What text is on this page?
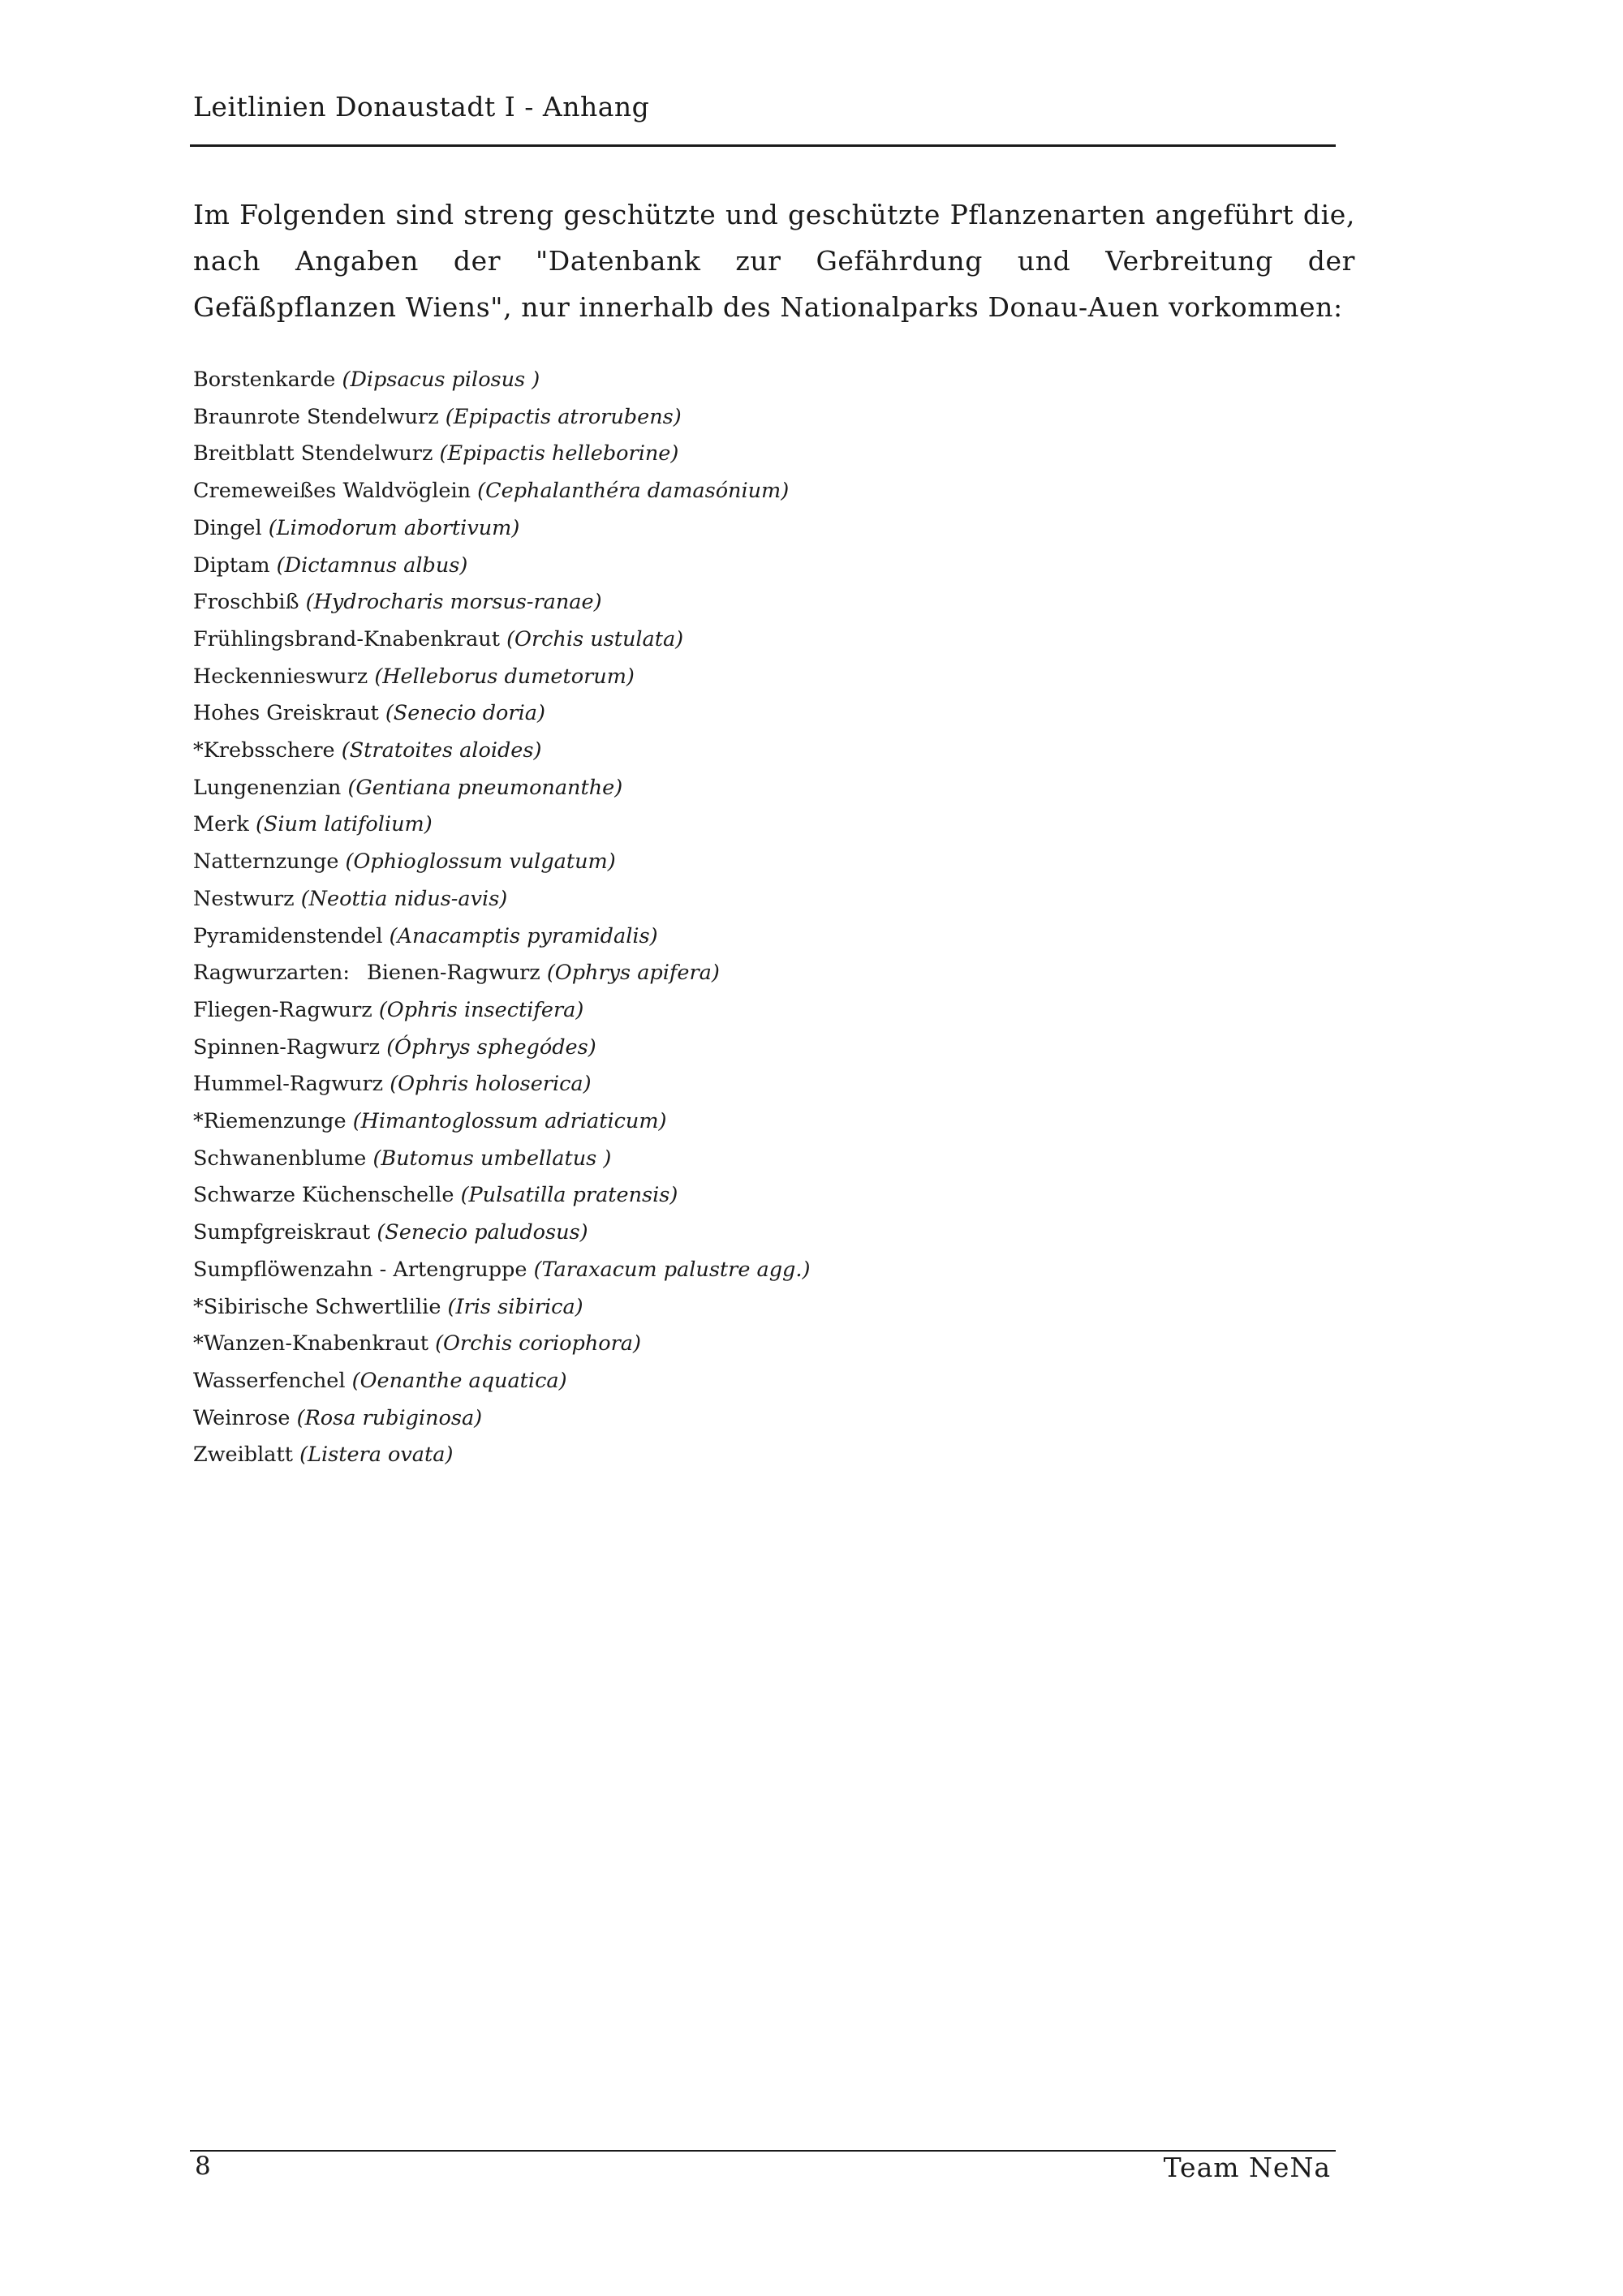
Leitlinien Donaustadt I - Anhang
Im Folgenden sind streng geschützte und geschützte Pflanzenarten angeführt die, nach Angaben der "Datenbank zur Gefährdung und Verbreitung der Gefäßpflanzen Wiens", nur innerhalb des Nationalparks Donau-Auen vorkommen:
Borstenkarde (Dipsacus pilosus )
Braunrote Stendelwurz (Epipactis atrorubens)
Breitblatt Stendelwurz (Epipactis helleborine)
Cremeweißes Waldvöglein (Cephalanthéra damasónium)
Dingel (Limodorum abortivum)
Diptam (Dictamnus albus)
Froschbiß (Hydrocharis morsus-ranae)
Frühlingsbrand-Knabenkraut (Orchis ustulata)
Heckennieswurz (Helleborus dumetorum)
Hohes Greiskraut (Senecio doria)
*Krebsschere (Stratoites aloides)
Lungenenzian (Gentiana pneumonanthe)
Merk (Sium latifolium)
Natternzunge (Ophioglossum vulgatum)
Nestwurz (Neottia nidus-avis)
Pyramidenstendel (Anacamptis pyramidalis)
Ragwurzarten: Bienen-Ragwurz (Ophrys apifera)
Fliegen-Ragwurz (Ophris insectifera)
Spinnen-Ragwurz (Óphrys sphegódes)
Hummel-Ragwurz (Ophris holoserica)
*Riemenzunge (Himantoglossum adriaticum)
Schwanenblume (Butomus umbellatus )
Schwarze Küchenschelle (Pulsatilla pratensis)
Sumpfgreiskraut (Senecio paludosus)
Sumpflöwenzahn - Artengruppe (Taraxacum palustre agg.)
*Sibirische Schwertlilie (Iris sibirica)
*Wanzen-Knabenkraut (Orchis coriophora)
Wasserfenchel (Oenanthe aquatica)
Weinrose (Rosa rubiginosa)
Zweiblatt (Listera ovata)
8	Team NeNa
